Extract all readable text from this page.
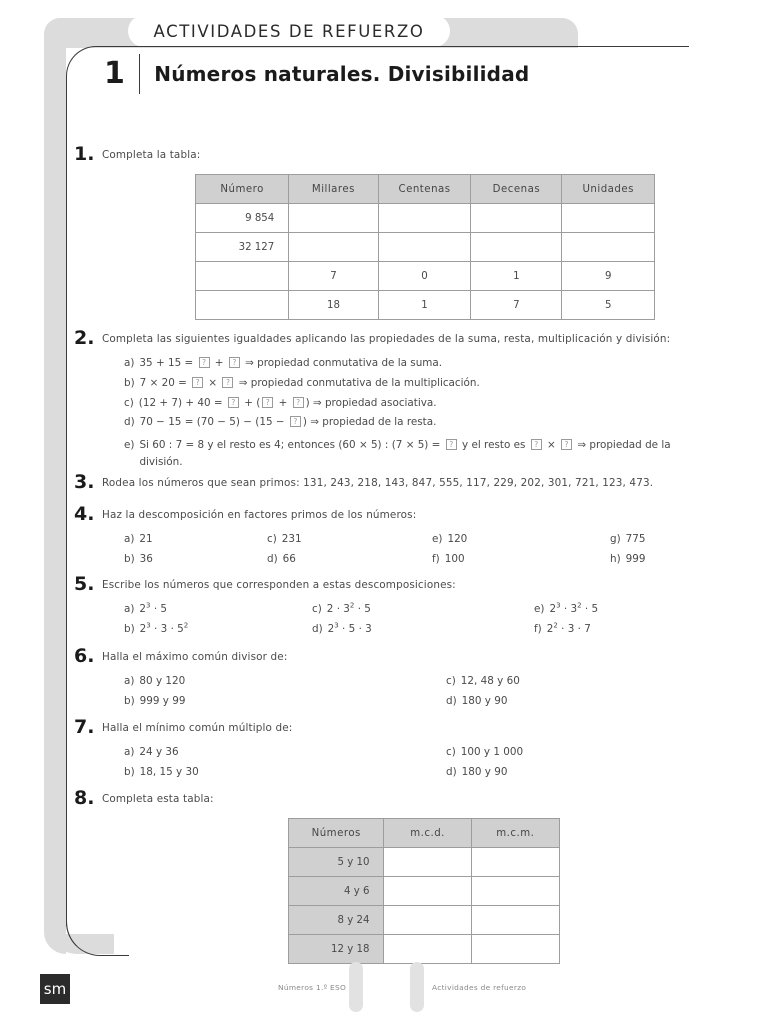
ACTIVIDADES DE REFUERZO
1	Números naturales. Divisibilidad
1. Completa la tabla:
Número	Millares	Centenas	Decenas	Unidades
9 854				
32 127				
	7	0	1	9
	18	1	7	5
2. Completa las siguientes igualdades aplicando las propiedades de la suma, resta, multiplicación y división:
a) 35 + 15 = ? + ? ⇒ propiedad conmutativa de la suma.
b) 7 × 20 = ? × ? ⇒ propiedad conmutativa de la multiplicación.
c) (12 + 7) + 40 = ? + ( ? + ? ) ⇒ propiedad asociativa.
d) 70 − 15 = (70 − 5) − (15 − ? ) ⇒ propiedad de la resta.
e) Si 60 : 7 = 8 y el resto es 4; entonces (60 × 5) : (7 × 5) = ? y el resto es ? × ? ⇒ propiedad de la división.
3. Rodea los números que sean primos: 131, 243, 218, 143, 847, 555, 117, 229, 202, 301, 721, 123, 473.
4. Haz la descomposición en factores primos de los números:
a) 21
b) 36
c) 231
d) 66
e) 120
f) 100
g) 775
h) 999
5. Escribe los números que corresponden a estas descomposiciones:
a) $2^3 \cdot 5$
b) $2^3 \cdot 3 \cdot 5^2$
c) $2 \cdot 3^2 \cdot 5$
d) $2^3 \cdot 5 \cdot 3$
e) $2^3 \cdot 3^2 \cdot 5$
f) $2^2 \cdot 3 \cdot 7$
6. Halla el máximo común divisor de:
a) 80 y 120
b) 999 y 99
c) 12, 48 y 60
d) 180 y 90
7. Halla el mínimo común múltiplo de:
a) 24 y 36
b) 18, 15 y 30
c) 100 y 1 000
d) 180 y 90
8. Completa esta tabla:
Números	m.c.d.	m.c.m.
5 y 10		
4 y 6		
8 y 24		
12 y 18		
sm	Números 1.º ESO	Actividades de refuerzo
